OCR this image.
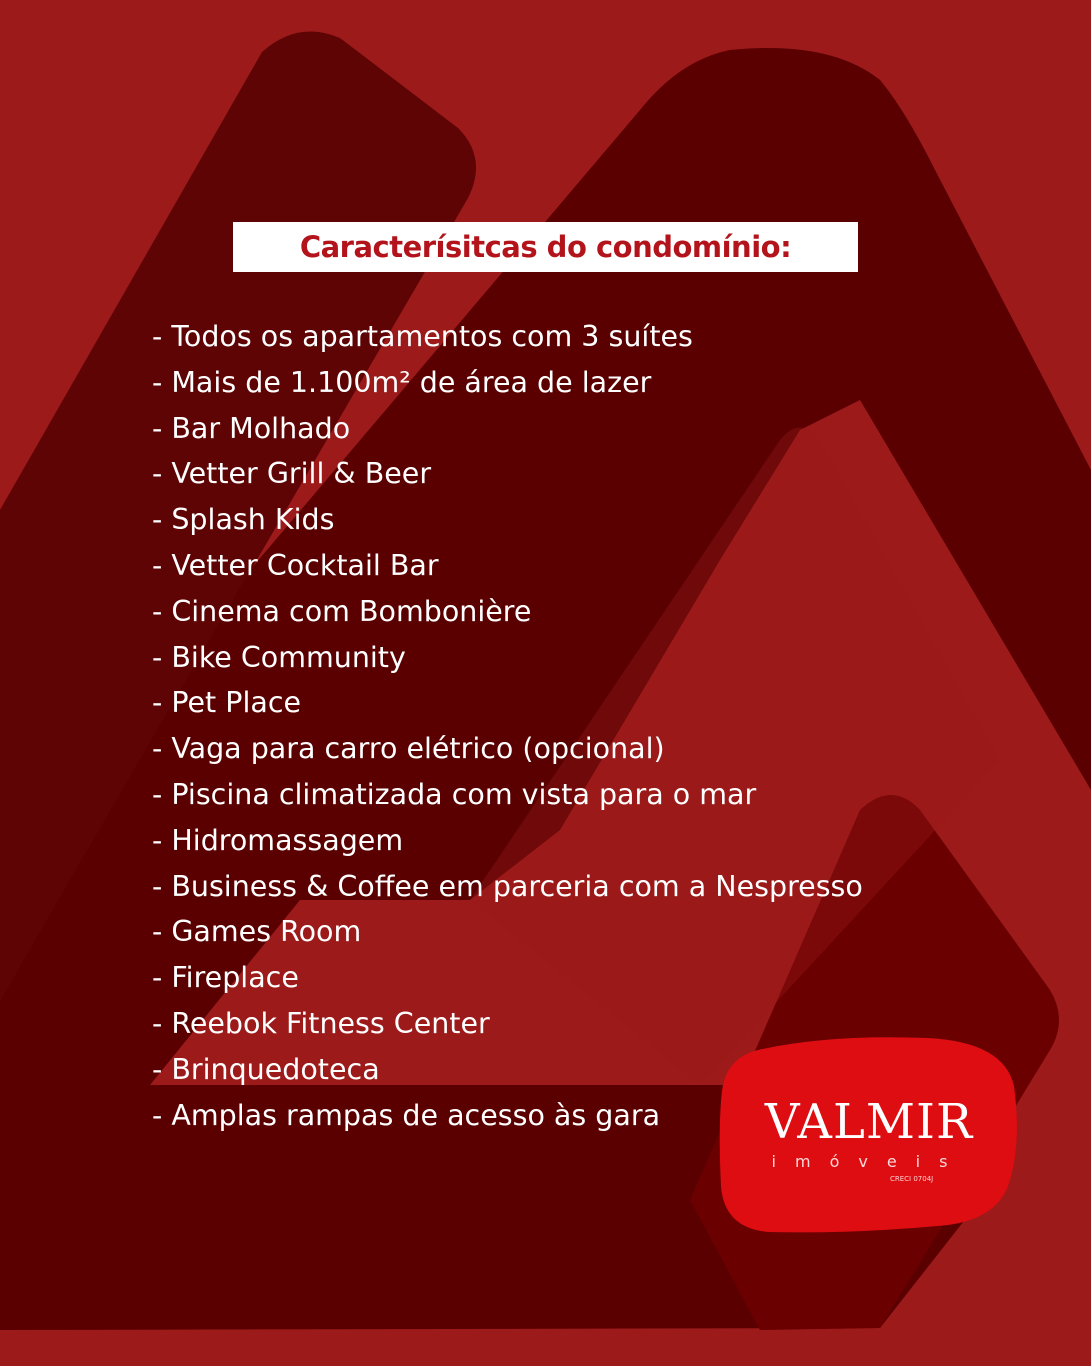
Caracterísitcas do condomínio:
- Todos os apartamentos com 3 suítes
- Mais de 1.100m² de área de lazer
- Bar Molhado
- Vetter Grill & Beer
- Splash Kids
- Vetter Cocktail Bar
- Cinema com Bombonière
- Bike Community
- Pet Place
- Vaga para carro elétrico (opcional)
- Piscina climatizada com vista para o mar
- Hidromassagem
- Business & Coffee em parceria com a Nespresso
- Games Room
- Fireplace
- Reebok Fitness Center
- Brinquedoteca
- Amplas rampas de acesso às gara	VALMIR
imóveis
CRECI 0704J
